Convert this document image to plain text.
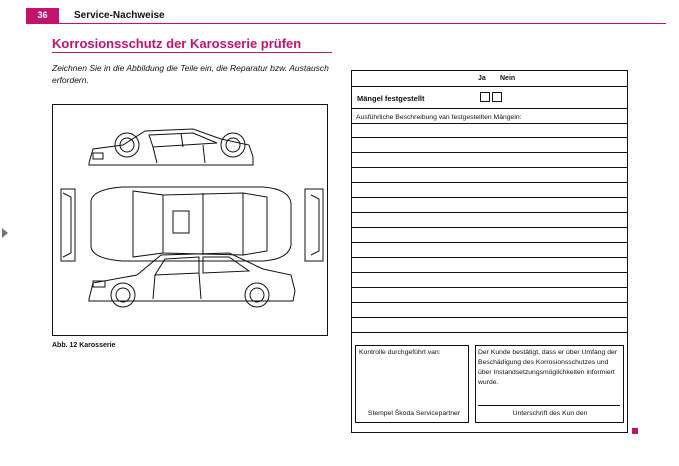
36	Service-Nachweise
Korrosionsschutz der Karosserie prüfen
Zeichnen Sie in die Abbildung die Teile ein, die Reparatur bzw. Austausch erfordern.
Abb. 12 Karosserie
Ja Nein
Mängel festgestellt
Ausführliche Beschreibung van festgestellten Mängeln:
Kontrolle durchgeführt van:
Stempel Škoda Servicepartner
Der Kunde bestätigt, dass er über Umfang der Beschädigung des Korrosionsschutzes und über Instandsetzungsmöglichkeiten informiert wurde.
Unterschrift des Kun den
